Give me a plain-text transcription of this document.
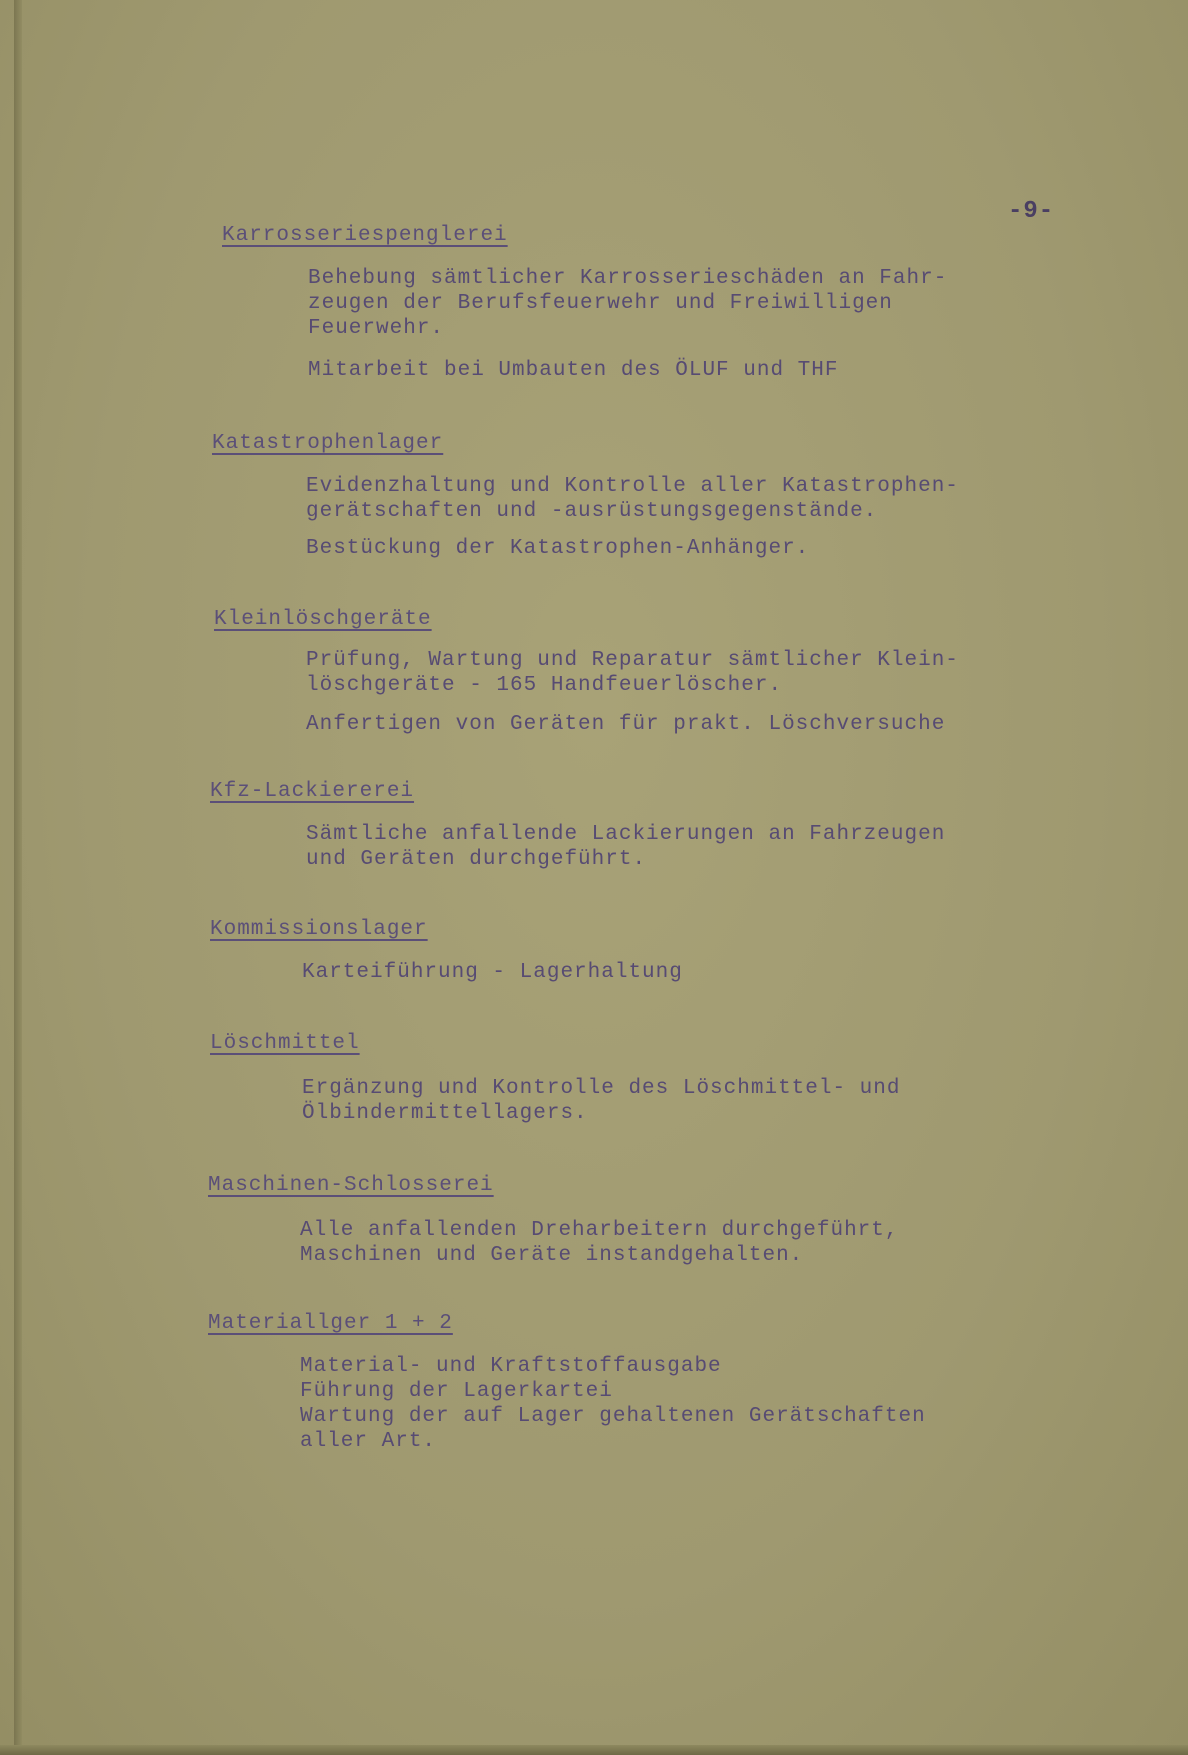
-9-
Karrosseriespenglerei
Behebung sämtlicher Karrosserieschäden an Fahr-
zeugen der Berufsfeuerwehr und Freiwilligen
Feuerwehr.
Mitarbeit bei Umbauten des ÖLUF und THF
Katastrophenlager
Evidenzhaltung und Kontrolle aller Katastrophen-
gerätschaften und -ausrüstungsgegenstände.
Bestückung der Katastrophen-Anhänger.
Kleinlöschgeräte
Prüfung, Wartung und Reparatur sämtlicher Klein-
löschgeräte - 165 Handfeuerlöscher.
Anfertigen von Geräten für prakt. Löschversuche
Kfz-Lackiererei
Sämtliche anfallende Lackierungen an Fahrzeugen
und Geräten durchgeführt.
Kommissionslager
Karteiführung - Lagerhaltung
Löschmittel
Ergänzung und Kontrolle des Löschmittel- und
Ölbindermittellagers.
Maschinen-Schlosserei
Alle anfallenden Dreharbeitern durchgeführt,
Maschinen und Geräte instandgehalten.
Materiallger 1 + 2
Material- und Kraftstoffausgabe
Führung der Lagerkartei
Wartung der auf Lager gehaltenen Gerätschaften
aller Art.
